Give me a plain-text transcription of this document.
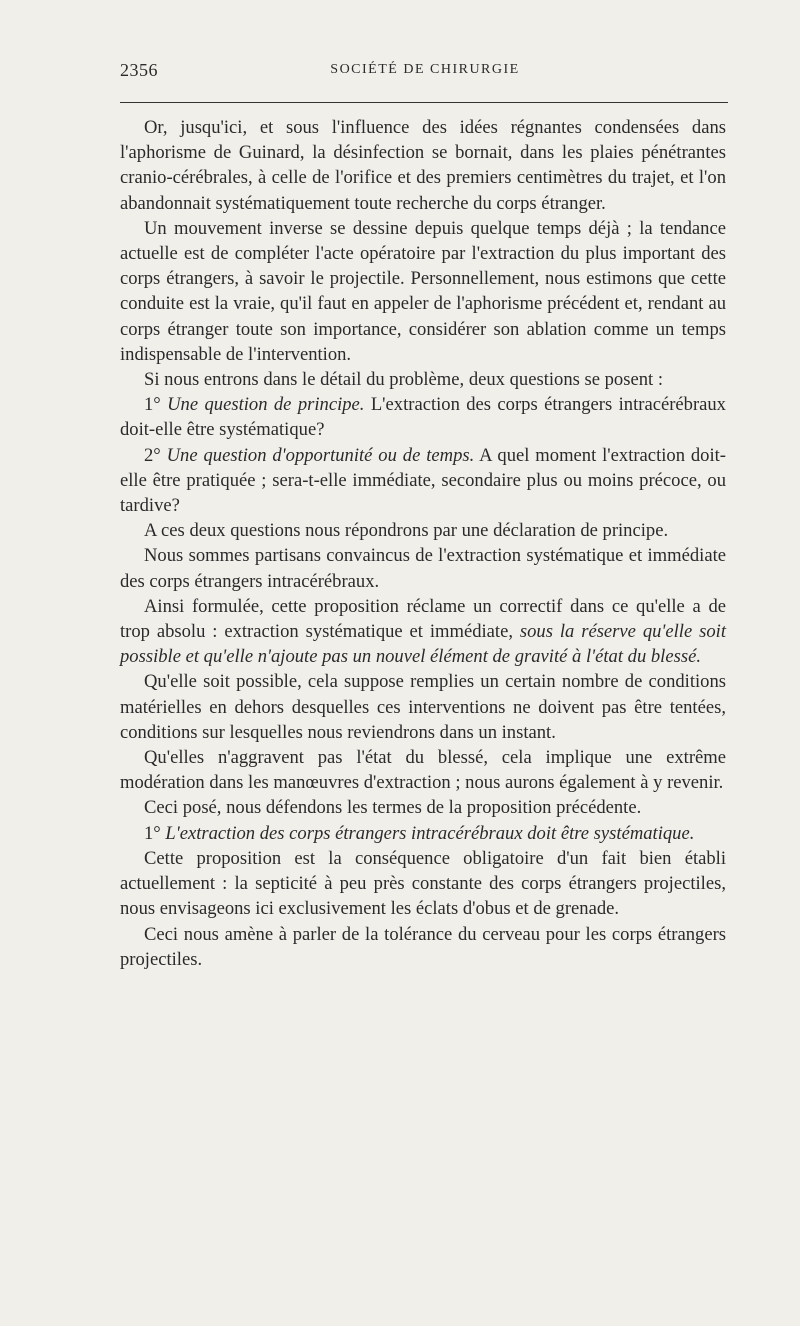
2356	SOCIÉTÉ DE CHIRURGIE

Or, jusqu'ici, et sous l'influence des idées régnantes condensées dans l'aphorisme de Guinard, la désinfection se bornait, dans les plaies pénétrantes cranio-cérébrales, à celle de l'orifice et des premiers centimètres du trajet, et l'on abandonnait systématiquement toute recherche du corps étranger.

Un mouvement inverse se dessine depuis quelque temps déjà ; la tendance actuelle est de compléter l'acte opératoire par l'extraction du plus important des corps étrangers, à savoir le projectile. Personnellement, nous estimons que cette conduite est la vraie, qu'il faut en appeler de l'aphorisme précédent et, rendant au corps étranger toute son importance, considérer son ablation comme un temps indispensable de l'intervention.

Si nous entrons dans le détail du problème, deux questions se posent :

1° Une question de principe. L'extraction des corps étrangers intracérébraux doit-elle être systématique?

2° Une question d'opportunité ou de temps. A quel moment l'extraction doit-elle être pratiquée ; sera-t-elle immédiate, secondaire plus ou moins précoce, ou tardive?

A ces deux questions nous répondrons par une déclaration de principe.

Nous sommes partisans convaincus de l'extraction systématique et immédiate des corps étrangers intracérébraux.

Ainsi formulée, cette proposition réclame un correctif dans ce qu'elle a de trop absolu : extraction systématique et immédiate, sous la réserve qu'elle soit possible et qu'elle n'ajoute pas un nouvel élément de gravité à l'état du blessé.

Qu'elle soit possible, cela suppose remplies un certain nombre de conditions matérielles en dehors desquelles ces interventions ne doivent pas être tentées, conditions sur lesquelles nous reviendrons dans un instant.

Qu'elles n'aggravent pas l'état du blessé, cela implique une extrême modération dans les manœuvres d'extraction ; nous aurons également à y revenir.

Ceci posé, nous défendons les termes de la proposition précédente.

1° L'extraction des corps étrangers intracérébraux doit être systématique.

Cette proposition est la conséquence obligatoire d'un fait bien établi actuellement : la septicité à peu près constante des corps étrangers projectiles, nous envisageons ici exclusivement les éclats d'obus et de grenade.

Ceci nous amène à parler de la tolérance du cerveau pour les corps étrangers projectiles.
